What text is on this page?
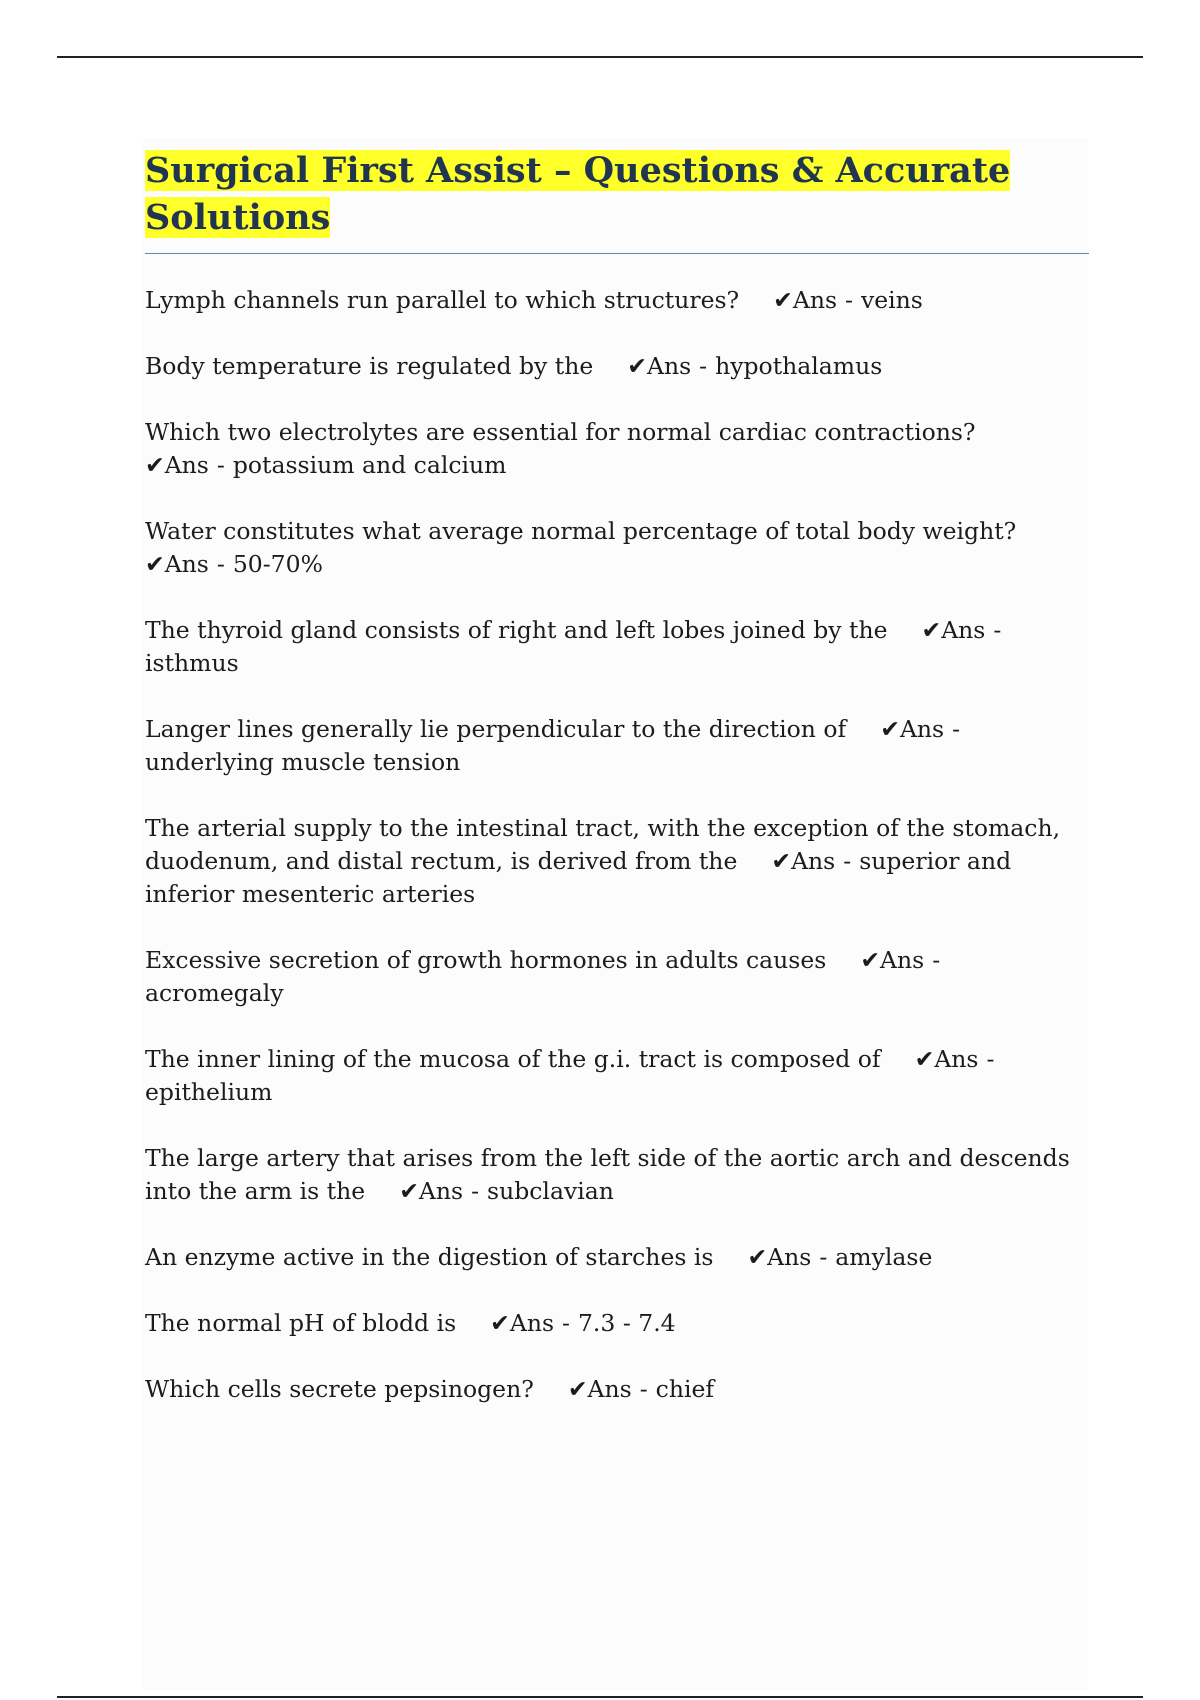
Surgical First Assist – Questions & Accurate Solutions
Lymph channels run parallel to which structures? ✔Ans - veins
Body temperature is regulated by the ✔Ans - hypothalamus
Which two electrolytes are essential for normal cardiac contractions?✔Ans - potassium and calcium
Water constitutes what average normal percentage of total body weight?✔Ans - 50-70%
The thyroid gland consists of right and left lobes joined by the ✔Ans -isthmus
Langer lines generally lie perpendicular to the direction of ✔Ans -underlying muscle tension
The arterial supply to the intestinal tract, with the exception of the stomach, duodenum, and distal rectum, is derived from the ✔Ans - superior and inferior mesenteric arteries
Excessive secretion of growth hormones in adults causes ✔Ans -acromegaly
The inner lining of the mucosa of the g.i. tract is composed of ✔Ans -epithelium
The large artery that arises from the left side of the aortic arch and descends into the arm is the ✔Ans - subclavian
An enzyme active in the digestion of starches is ✔Ans - amylase
The normal pH of blodd is ✔Ans - 7.3 - 7.4
Which cells secrete pepsinogen? ✔Ans - chief
